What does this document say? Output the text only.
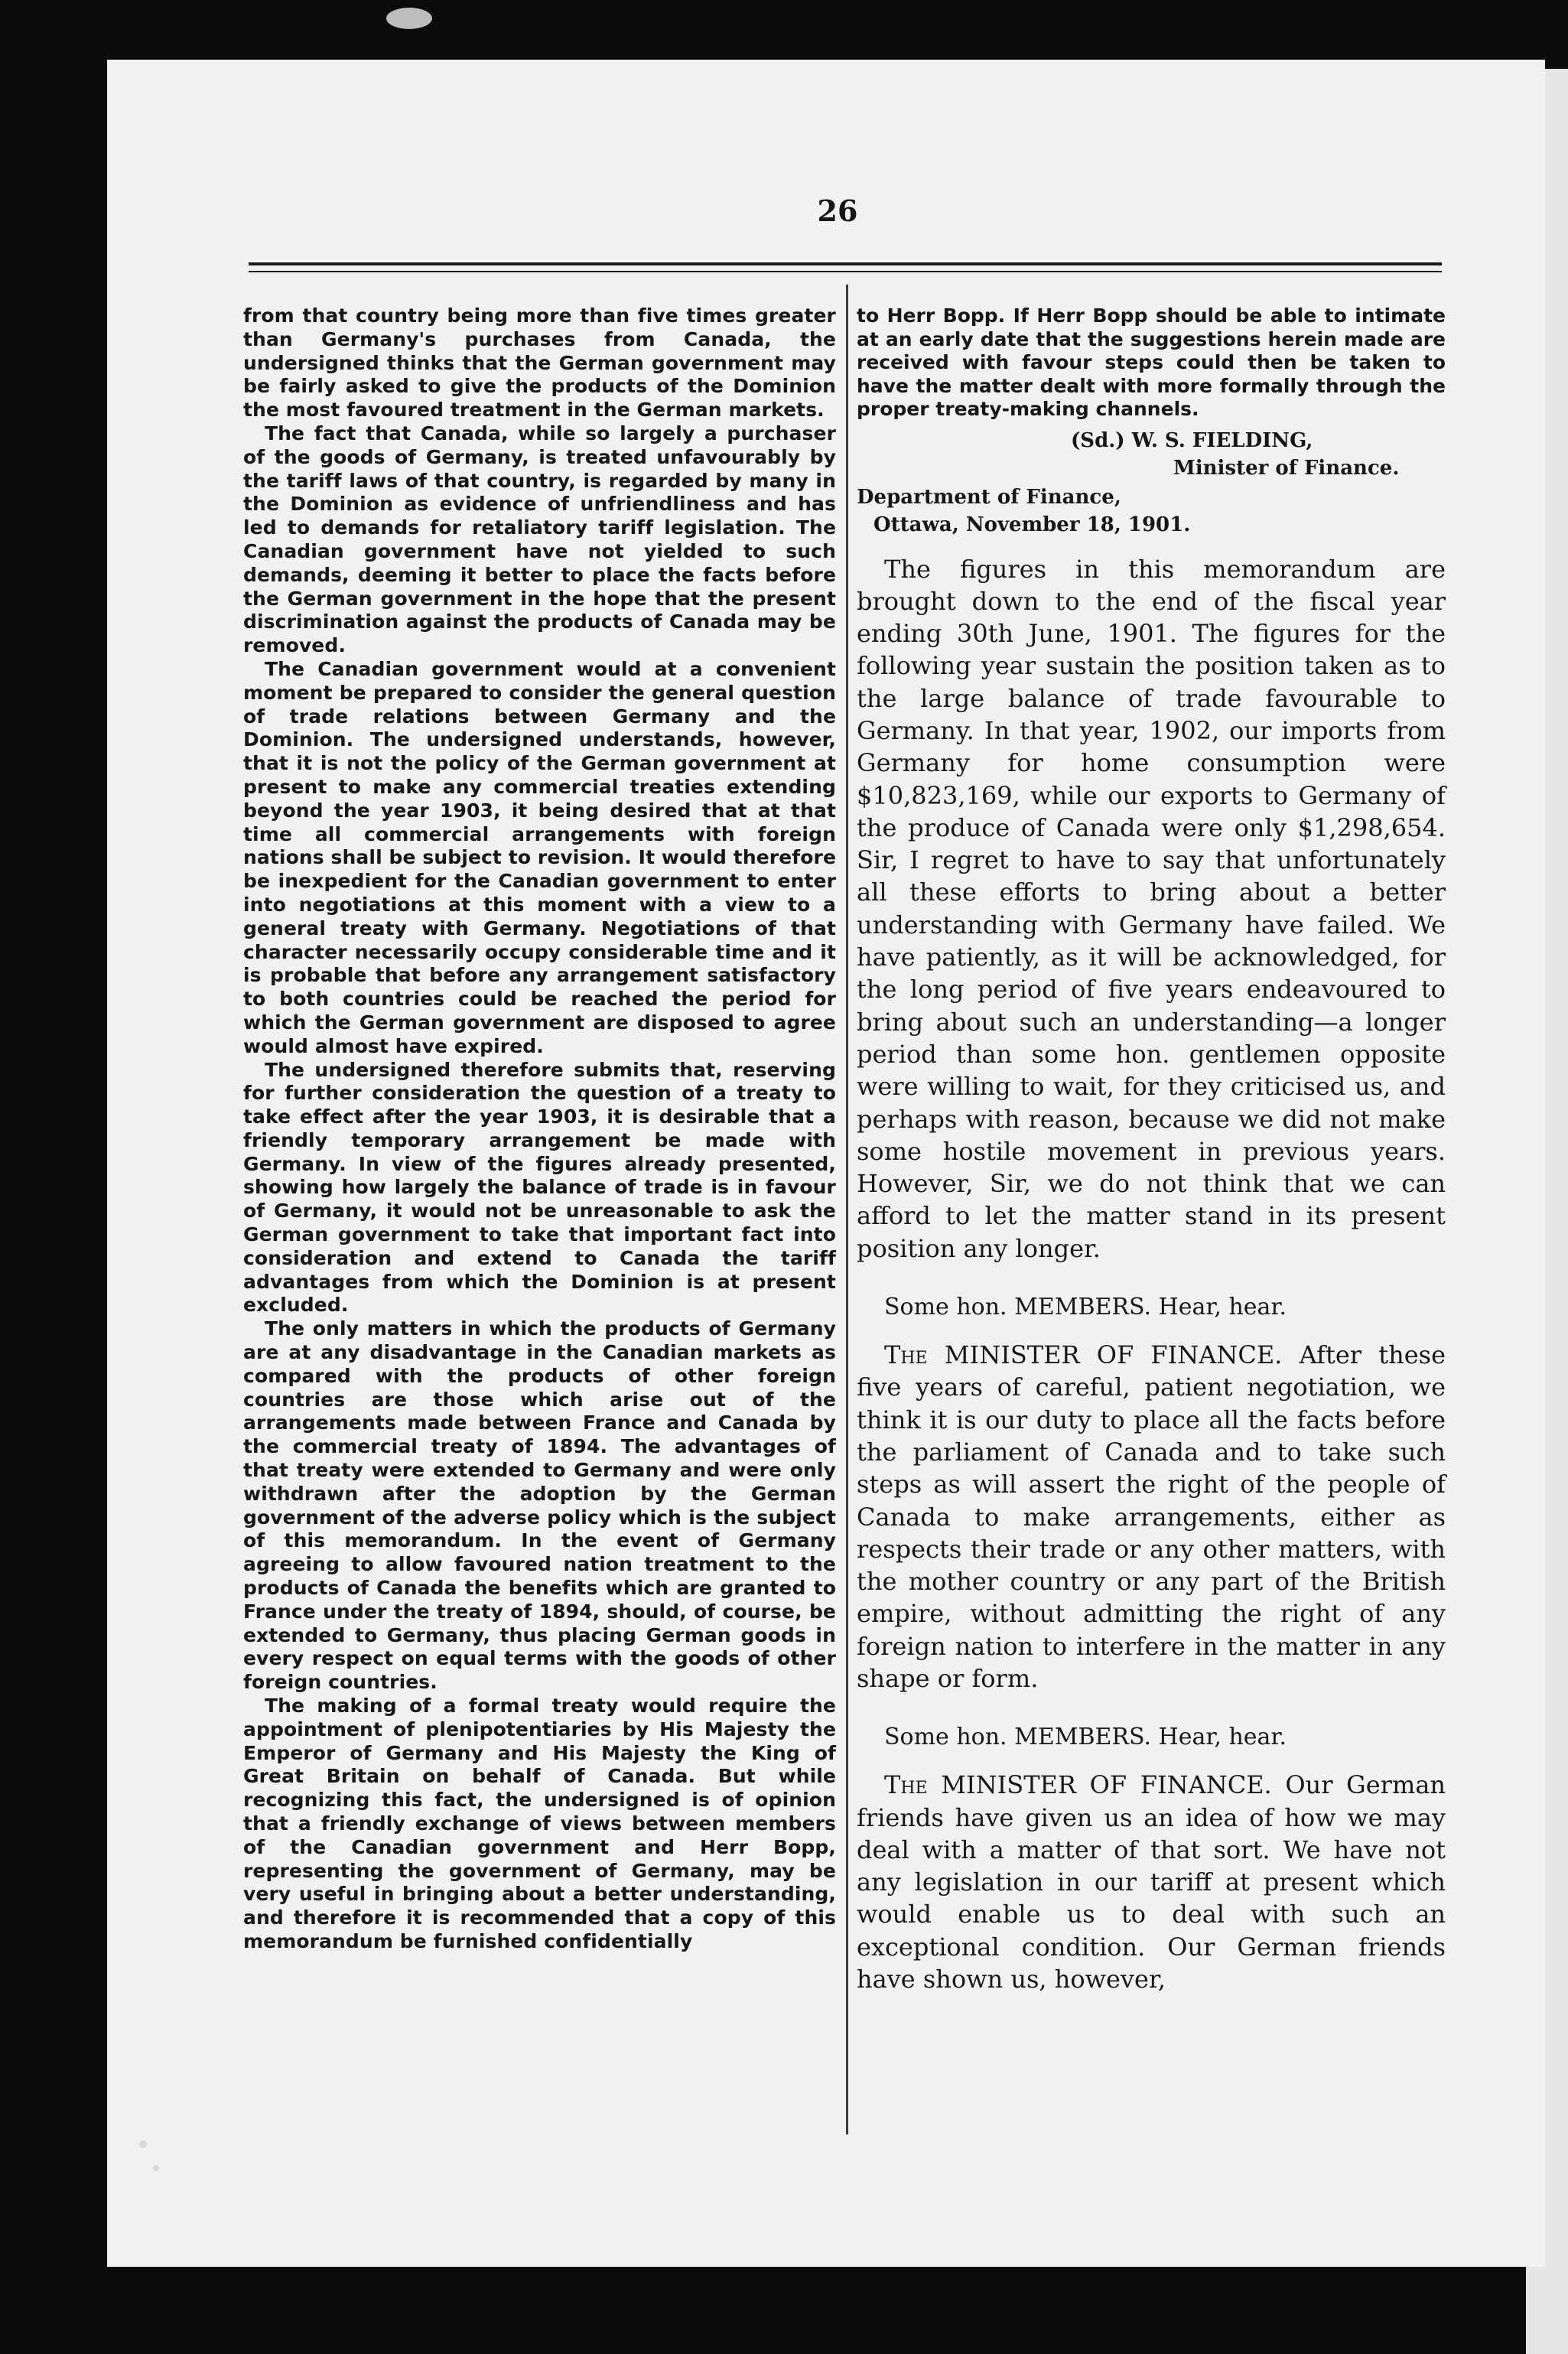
26

from that country being more than five times greater than Germany's purchases from Canada, the undersigned thinks that the German government may be fairly asked to give the products of the Dominion the most favoured treatment in the German markets.

The fact that Canada, while so largely a purchaser of the goods of Germany, is treated unfavourably by the tariff laws of that country, is regarded by many in the Dominion as evidence of unfriendliness and has led to demands for retaliatory tariff legislation. The Canadian government have not yielded to such demands, deeming it better to place the facts before the German government in the hope that the present discrimination against the products of Canada may be removed.

The Canadian government would at a convenient moment be prepared to consider the general question of trade relations between Germany and the Dominion. The undersigned understands, however, that it is not the policy of the German government at present to make any commercial treaties extending beyond the year 1903, it being desired that at that time all commercial arrangements with foreign nations shall be subject to revision. It would therefore be inexpedient for the Canadian government to enter into negotiations at this moment with a view to a general treaty with Germany. Negotiations of that character necessarily occupy considerable time and it is probable that before any arrangement satisfactory to both countries could be reached the period for which the German government are disposed to agree would almost have expired.

The undersigned therefore submits that, reserving for further consideration the question of a treaty to take effect after the year 1903, it is desirable that a friendly temporary arrangement be made with Germany. In view of the figures already presented, showing how largely the balance of trade is in favour of Germany, it would not be unreasonable to ask the German government to take that important fact into consideration and extend to Canada the tariff advantages from which the Dominion is at present excluded.

The only matters in which the products of Germany are at any disadvantage in the Canadian markets as compared with the products of other foreign countries are those which arise out of the arrangements made between France and Canada by the commercial treaty of 1894. The advantages of that treaty were extended to Germany and were only withdrawn after the adoption by the German government of the adverse policy which is the subject of this memorandum. In the event of Germany agreeing to allow favoured nation treatment to the products of Canada the benefits which are granted to France under the treaty of 1894, should, of course, be extended to Germany, thus placing German goods in every respect on equal terms with the goods of other foreign countries.

The making of a formal treaty would require the appointment of plenipotentiaries by His Majesty the Emperor of Germany and His Majesty the King of Great Britain on behalf of Canada. But while recognizing this fact, the undersigned is of opinion that a friendly exchange of views between members of the Canadian government and Herr Bopp, representing the government of Germany, may be very useful in bringing about a better understanding, and therefore it is recommended that a copy of this memorandum be furnished confidentially

to Herr Bopp. If Herr Bopp should be able to intimate at an early date that the suggestions herein made are received with favour steps could then be taken to have the matter dealt with more formally through the proper treaty-making channels.

(Sd.) W. S. FIELDING,
Minister of Finance.
Department of Finance,
Ottawa, November 18, 1901.

The figures in this memorandum are brought down to the end of the fiscal year ending 30th June, 1901. The figures for the following year sustain the position taken as to the large balance of trade favourable to Germany. In that year, 1902, our imports from Germany for home consumption were $10,823,169, while our exports to Germany of the produce of Canada were only $1,298,654. Sir, I regret to have to say that unfortunately all these efforts to bring about a better understanding with Germany have failed. We have patiently, as it will be acknowledged, for the long period of five years endeavoured to bring about such an understanding—a longer period than some hon. gentlemen opposite were willing to wait, for they criticised us, and perhaps with reason, because we did not make some hostile movement in previous years. However, Sir, we do not think that we can afford to let the matter stand in its present position any longer.

Some hon. MEMBERS. Hear, hear.

The MINISTER OF FINANCE. After these five years of careful, patient negotiation, we think it is our duty to place all the facts before the parliament of Canada and to take such steps as will assert the right of the people of Canada to make arrangements, either as respects their trade or any other matters, with the mother country or any part of the British empire, without admitting the right of any foreign nation to interfere in the matter in any shape or form.

Some hon. MEMBERS. Hear, hear.

The MINISTER OF FINANCE. Our German friends have given us an idea of how we may deal with a matter of that sort. We have not any legislation in our tariff at present which would enable us to deal with such an exceptional condition. Our German friends have shown us, however,
